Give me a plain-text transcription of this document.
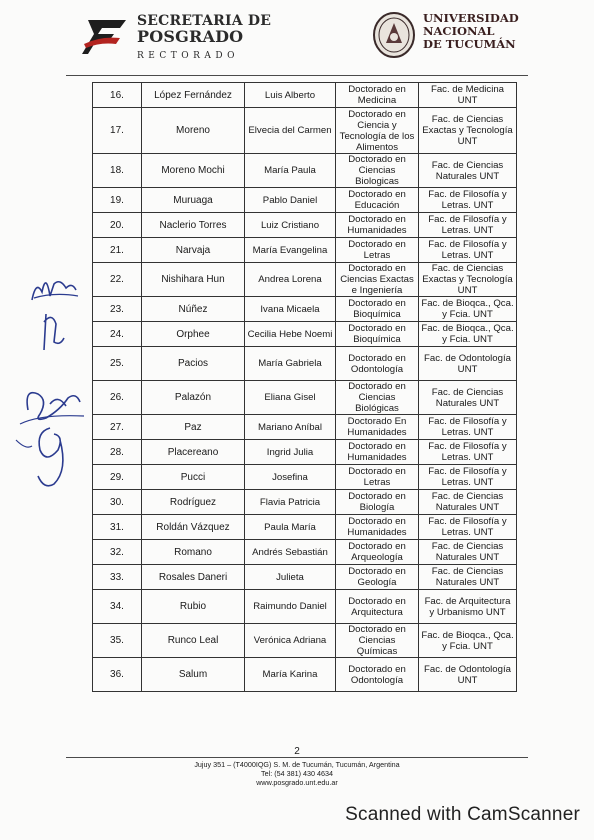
SECRETARIA DE
POSGRADO
RECTORADO
UNIVERSIDAD
NACIONAL
DE TUCUMÁN
16.	López Fernández	Luis Alberto	Doctorado en Medicina	Fac. de Medicina UNT
17.	Moreno	Elvecia del Carmen	Doctorado en Ciencia y Tecnología de los Alimentos	Fac. de Ciencias Exactas y Tecnología UNT
18.	Moreno Mochi	María Paula	Doctorado en Ciencias Biologicas	Fac. de Ciencias Naturales UNT
19.	Muruaga	Pablo Daniel	Doctorado en Educación	Fac. de Filosofía y Letras. UNT
20.	Naclerio Torres	Luiz Cristiano	Doctorado en Humanidades	Fac. de Filosofía y Letras. UNT
21.	Narvaja	María Evangelina	Doctorado en Letras	Fac. de Filosofía y Letras. UNT
22.	Nishihara Hun	Andrea Lorena	Doctorado en Ciencias Exactas e Ingeniería	Fac. de Ciencias Exactas y Tecnología UNT
23.	Núñez	Ivana Micaela	Doctorado en Bioquímica	Fac. de Bioqca., Qca. y Fcia. UNT
24.	Orphee	Cecilia Hebe Noemi	Doctorado en Bioquímica	Fac. de Bioqca., Qca. y Fcia. UNT
25.	Pacios	María Gabriela	Doctorado en Odontología	Fac. de Odontología UNT
26.	Palazón	Eliana Gisel	Doctorado en Ciencias Biológicas	Fac. de Ciencias Naturales UNT
27.	Paz	Mariano Aníbal	Doctorado En Humanidades	Fac. de Filosofía y Letras. UNT
28.	Placereano	Ingrid Julia	Doctorado en Humanidades	Fac. de Filosofía y Letras. UNT
29.	Pucci	Josefina	Doctorado en Letras	Fac. de Filosofía y Letras. UNT
30.	Rodríguez	Flavia Patricia	Doctorado en Biología	Fac. de Ciencias Naturales UNT
31.	Roldán Vázquez	Paula María	Doctorado en Humanidades	Fac. de Filosofía y Letras. UNT
32.	Romano	Andrés Sebastián	Doctorado en Arqueología	Fac. de Ciencias Naturales UNT
33.	Rosales Daneri	Julieta	Doctorado en Geología	Fac. de Ciencias Naturales UNT
34.	Rubio	Raimundo Daniel	Doctorado en Arquitectura	Fac. de Arquitectura y Urbanismo UNT
35.	Runco Leal	Verónica Adriana	Doctorado en Ciencias Químicas	Fac. de Bioqca., Qca. y Fcia. UNT
36.	Salum	María Karina	Doctorado en Odontología	Fac. de Odontología UNT
2
Jujuy 351 – (T4000IQG) S. M. de Tucumán, Tucumán, Argentina
Tel: (54 381) 430 4634
www.posgrado.unt.edu.ar
Scanned with CamScanner
